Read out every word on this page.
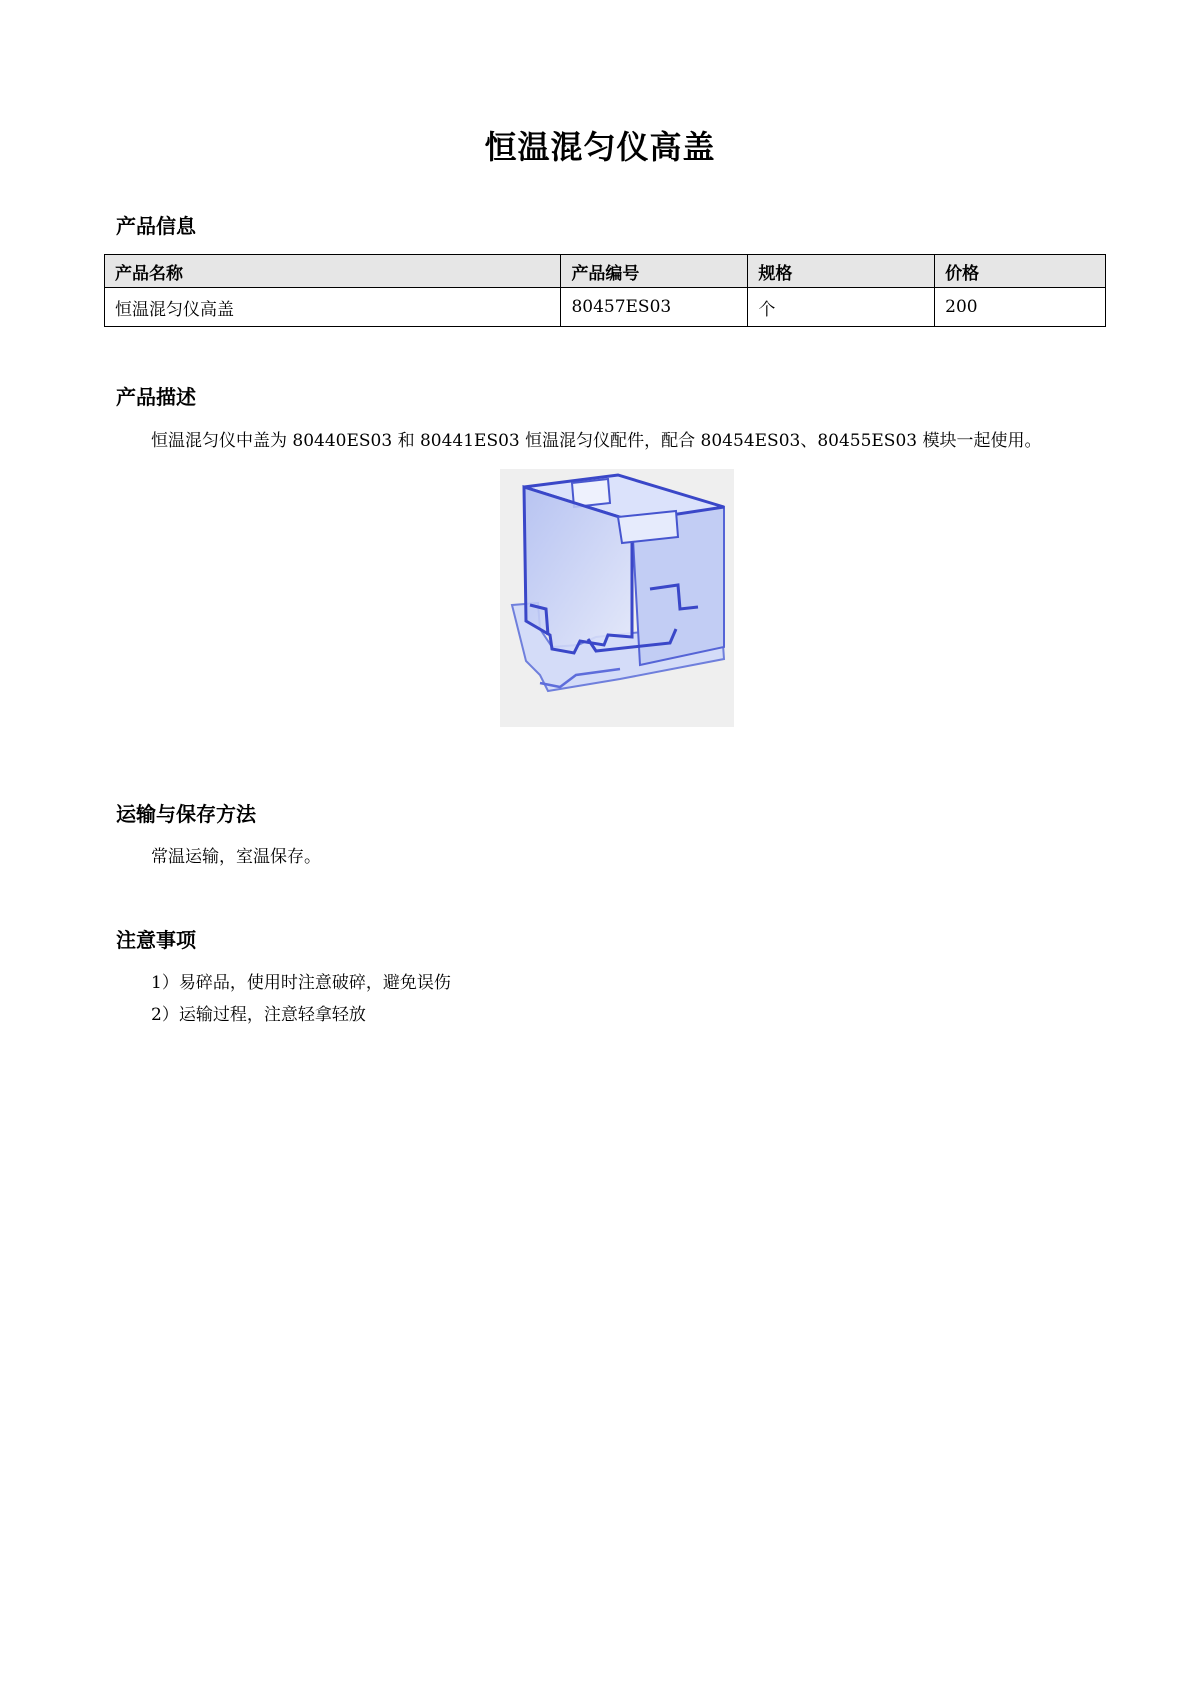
恒温混匀仪高盖
产品信息
产品名称	产品编号	规格	价格
恒温混匀仪高盖	80457ES03	个	200
产品描述
恒温混匀仪中盖为 80440ES03 和 80441ES03 恒温混匀仪配件，配合 80454ES03、80455ES03 模块一起使用。
运输与保存方法
常温运输，室温保存。
注意事项
1）易碎品，使用时注意破碎，避免误伤
2）运输过程，注意轻拿轻放
